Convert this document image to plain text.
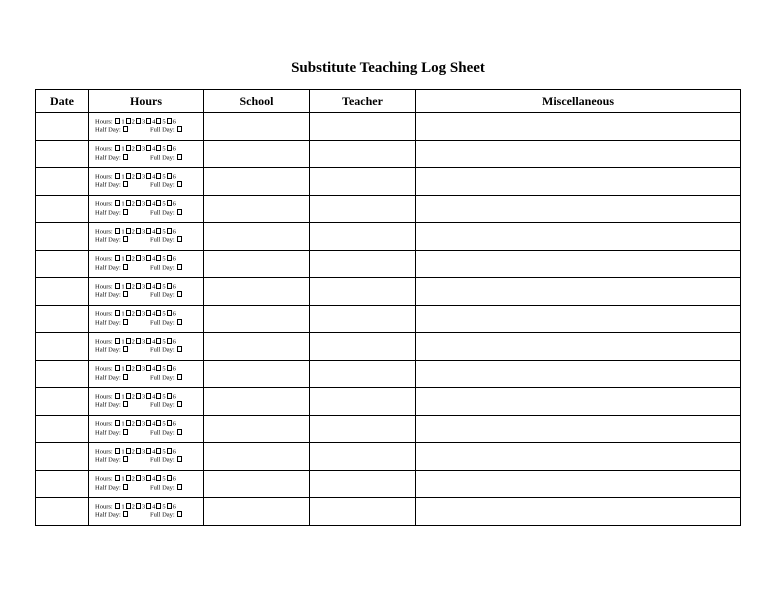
Substitute Teaching Log Sheet
Date	Hours	School	Teacher	Miscellaneous

	Hours: 1 2 3 4 5 6
Half Day: Full Day:			

	Hours: 1 2 3 4 5 6
Half Day: Full Day:			

	Hours: 1 2 3 4 5 6
Half Day: Full Day:			

	Hours: 1 2 3 4 5 6
Half Day: Full Day:			

	Hours: 1 2 3 4 5 6
Half Day: Full Day:			

	Hours: 1 2 3 4 5 6
Half Day: Full Day:			

	Hours: 1 2 3 4 5 6
Half Day: Full Day:			

	Hours: 1 2 3 4 5 6
Half Day: Full Day:			

	Hours: 1 2 3 4 5 6
Half Day: Full Day:			

	Hours: 1 2 3 4 5 6
Half Day: Full Day:			

	Hours: 1 2 3 4 5 6
Half Day: Full Day:			

	Hours: 1 2 3 4 5 6
Half Day: Full Day:			

	Hours: 1 2 3 4 5 6
Half Day: Full Day:			

	Hours: 1 2 3 4 5 6
Half Day: Full Day:			

	Hours: 1 2 3 4 5 6
Half Day: Full Day:			
